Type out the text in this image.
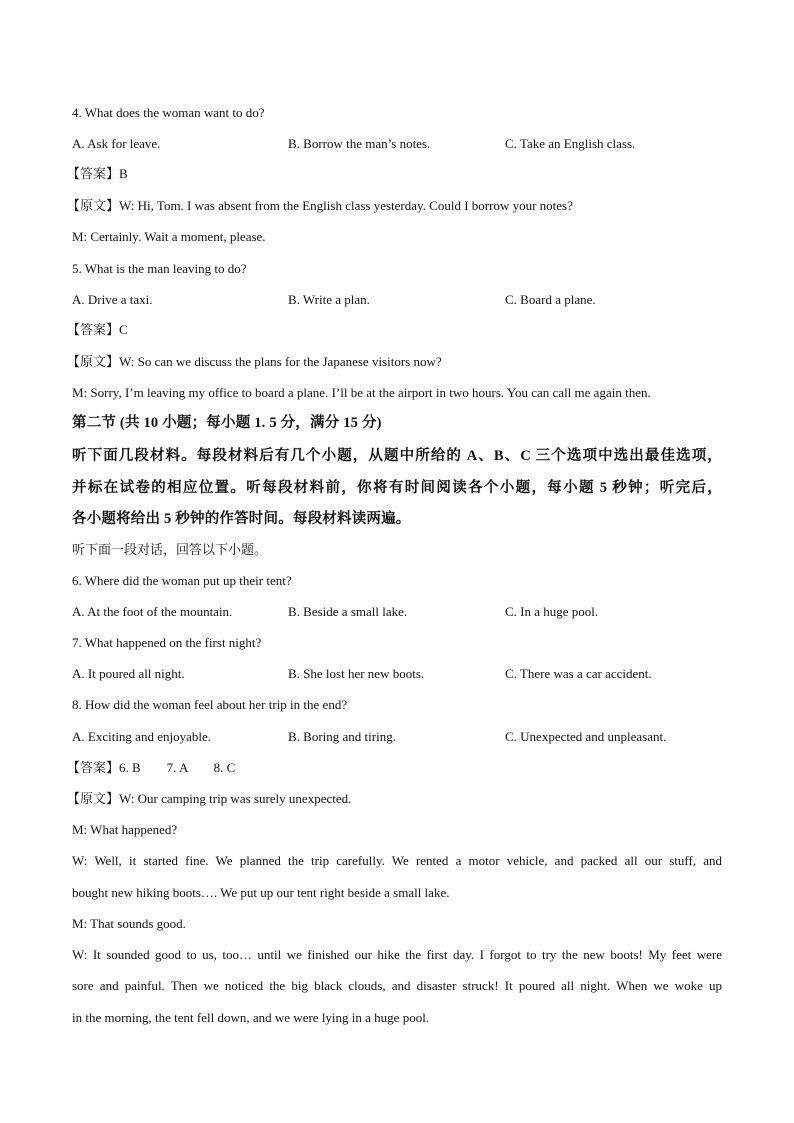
4. What does the woman want to do?
A. Ask for leave.	B. Borrow the man’s notes.	C. Take an English class.
【答案】B
【原文】W: Hi, Tom. I was absent from the English class yesterday. Could I borrow your notes?
M: Certainly. Wait a moment, please.
5. What is the man leaving to do?
A. Drive a taxi.	B. Write a plan.	C. Board a plane.
【答案】C
【原文】W: So can we discuss the plans for the Japanese visitors now?
M: Sorry, I’m leaving my office to board a plane. I’ll be at the airport in two hours. You can call me again then.
第二节 (共 10 小题；每小题 1. 5 分，满分 15 分)
听下面几段材料。每段材料后有几个小题，从题中所给的 A、B、C 三个选项中选出最佳选项，
并标在试卷的相应位置。听每段材料前，你将有时间阅读各个小题，每小题 5 秒钟；听完后，
各小题将给出 5 秒钟的作答时间。每段材料读两遍。
听下面一段对话，回答以下小题。
6. Where did the woman put up their tent?
A. At the foot of the mountain.	B. Beside a small lake.	C. In a huge pool.
7. What happened on the first night?
A. It poured all night.	B. She lost her new boots.	C. There was a car accident.
8. How did the woman feel about her trip in the end?
A. Exciting and enjoyable.	B. Boring and tiring.	C. Unexpected and unpleasant.
【答案】6. B        7. A        8. C
【原文】W: Our camping trip was surely unexpected.
M: What happened?
W: Well, it started fine. We planned the trip carefully. We rented a motor vehicle, and packed all our stuff, and
bought new hiking boots…. We put up our tent right beside a small lake.
M: That sounds good.
W: It sounded good to us, too… until we finished our hike the first day. I forgot to try the new boots! My feet were
sore and painful. Then we noticed the big black clouds, and disaster struck! It poured all night. When we woke up
in the morning, the tent fell down, and we were lying in a huge pool.
